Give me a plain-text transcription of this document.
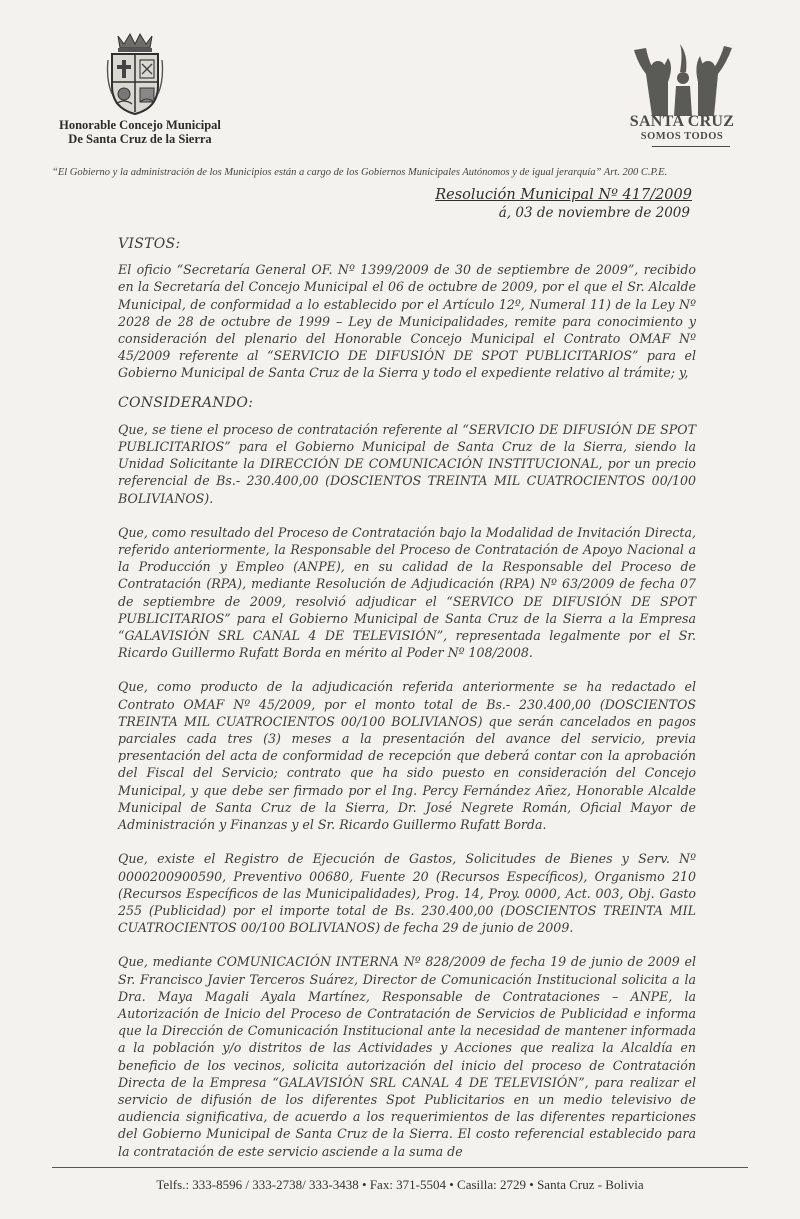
Honorable Concejo Municipal
De Santa Cruz de la Sierra
SANTA CRUZ
SOMOS TODOS
“El Gobierno y la administración de los Municipios están a cargo de los Gobiernos Municipales Autónomos y de igual jerarquía” Art. 200 C.P.E.
Resolución Municipal Nº 417/2009
á, 03 de noviembre de 2009
VISTOS:

El oficio “Secretaría General OF. Nº 1399/2009 de 30 de septiembre de 2009”, recibido en la Secretaría del Concejo Municipal el 06 de octubre de 2009, por el que el Sr. Alcalde Municipal, de conformidad a lo establecido por el Artículo 12º, Numeral 11) de la Ley Nº 2028 de 28 de octubre de 1999 – Ley de Municipalidades, remite para conocimiento y consideración del plenario del Honorable Concejo Municipal el Contrato OMAF Nº 45/2009 referente al “SERVICIO DE DIFUSIÓN DE SPOT PUBLICITARIOS” para el Gobierno Municipal de Santa Cruz de la Sierra y todo el expediente relativo al trámite; y,

CONSIDERANDO:

Que, se tiene el proceso de contratación referente al “SERVICIO DE DIFUSIÓN DE SPOT PUBLICITARIOS” para el Gobierno Municipal de Santa Cruz de la Sierra, siendo la Unidad Solicitante la DIRECCIÓN DE COMUNICACIÓN INSTITUCIONAL, por un precio referencial de Bs.- 230.400,00 (DOSCIENTOS TREINTA MIL CUATROCIENTOS 00/100 BOLIVIANOS).

Que, como resultado del Proceso de Contratación bajo la Modalidad de Invitación Directa, referido anteriormente, la Responsable del Proceso de Contratación de Apoyo Nacional a la Producción y Empleo (ANPE), en su calidad de la Responsable del Proceso de Contratación (RPA), mediante Resolución de Adjudicación (RPA) Nº 63/2009 de fecha 07 de septiembre de 2009, resolvió adjudicar el “SERVICO DE DIFUSIÓN DE SPOT PUBLICITARIOS” para el Gobierno Municipal de Santa Cruz de la Sierra a la Empresa “GALAVISIÓN SRL CANAL 4 DE TELEVISIÓN”, representada legalmente por el Sr. Ricardo Guillermo Rufatt Borda en mérito al Poder Nº 108/2008.

Que, como producto de la adjudicación referida anteriormente se ha redactado el Contrato OMAF Nº 45/2009, por el monto total de Bs.- 230.400,00 (DOSCIENTOS TREINTA MIL CUATROCIENTOS 00/100 BOLIVIANOS) que serán cancelados en pagos parciales cada tres (3) meses a la presentación del avance del servicio, previa presentación del acta de conformidad de recepción que deberá contar con la aprobación del Fiscal del Servicio; contrato que ha sido puesto en consideración del Concejo Municipal, y que debe ser firmado por el Ing. Percy Fernández Añez, Honorable Alcalde Municipal de Santa Cruz de la Sierra, Dr. José Negrete Román, Oficial Mayor de Administración y Finanzas y el Sr. Ricardo Guillermo Rufatt Borda.

Que, existe el Registro de Ejecución de Gastos, Solicitudes de Bienes y Serv. Nº 0000200900590, Preventivo 00680, Fuente 20 (Recursos Específicos), Organismo 210 (Recursos Específicos de las Municipalidades), Prog. 14, Proy. 0000, Act. 003, Obj. Gasto 255 (Publicidad) por el importe total de Bs. 230.400,00 (DOSCIENTOS TREINTA MIL CUATROCIENTOS 00/100 BOLIVIANOS) de fecha 29 de junio de 2009.

Que, mediante COMUNICACIÓN INTERNA Nº 828/2009 de fecha 19 de junio de 2009 el Sr. Francisco Javier Terceros Suárez, Director de Comunicación Institucional solicita a la Dra. Maya Magali Ayala Martínez, Responsable de Contrataciones – ANPE, la Autorización de Inicio del Proceso de Contratación de Servicios de Publicidad e informa que la Dirección de Comunicación Institucional ante la necesidad de mantener informada a la población y/o distritos de las Actividades y Acciones que realiza la Alcaldía en beneficio de los vecinos, solicita autorización del inicio del proceso de Contratación Directa de la Empresa “GALAVISIÓN SRL CANAL 4 DE TELEVISIÓN”, para realizar el servicio de difusión de los diferentes Spot Publicitarios en un medio televisivo de audiencia significativa, de acuerdo a los requerimientos de las diferentes reparticiones del Gobierno Municipal de Santa Cruz de la Sierra. El costo referencial establecido para la contratación de este servicio asciende a la suma de

Telfs.: 333-8596 / 333-2738/ 333-3438 • Fax: 371-5504 • Casilla: 2729 • Santa Cruz - Bolivia
